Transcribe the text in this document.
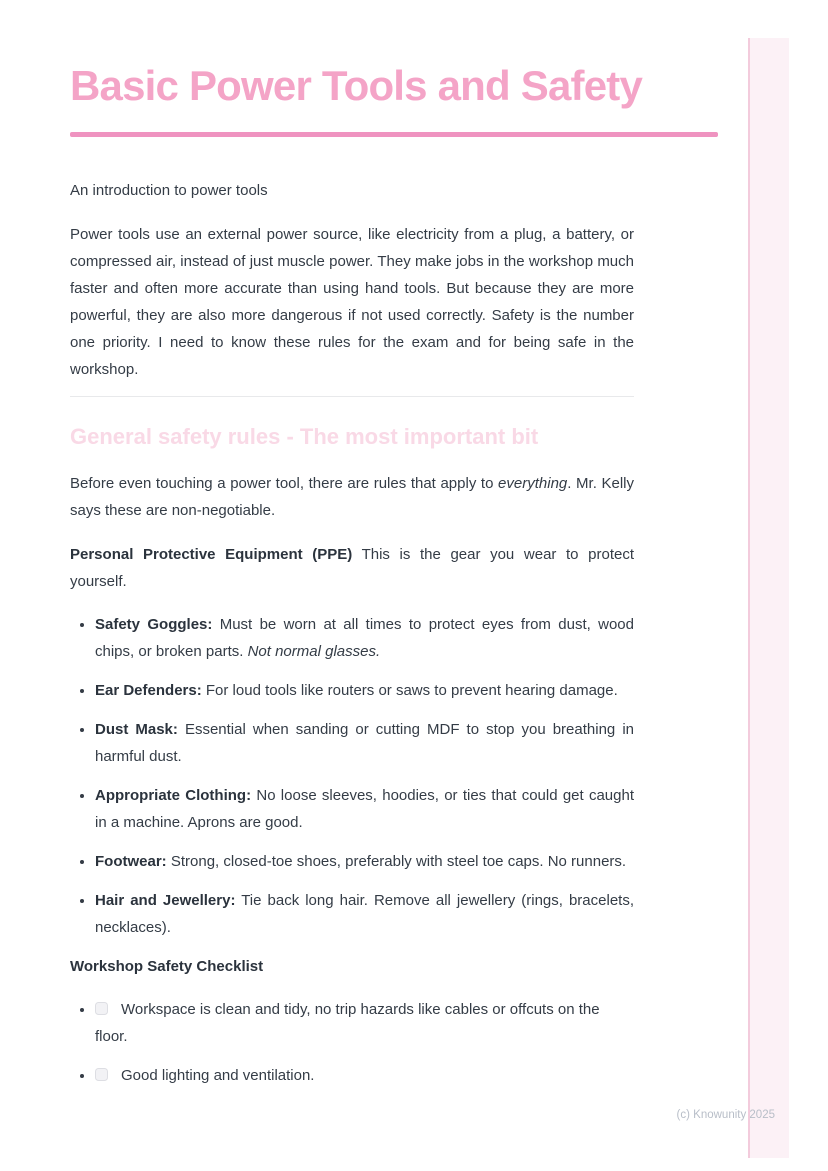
Basic Power Tools and Safety

An introduction to power tools

Power tools use an external power source, like electricity from a plug, a battery, or compressed air, instead of just muscle power. They make jobs in the workshop much faster and often more accurate than using hand tools. But because they are more powerful, they are also more dangerous if not used correctly. Safety is the number one priority. I need to know these rules for the exam and for being safe in the workshop.

General safety rules - The most important bit

Before even touching a power tool, there are rules that apply to everything. Mr. Kelly says these are non-negotiable.

Personal Protective Equipment (PPE) This is the gear you wear to protect yourself.

• Safety Goggles: Must be worn at all times to protect eyes from dust, wood chips, or broken parts. Not normal glasses.
• Ear Defenders: For loud tools like routers or saws to prevent hearing damage.
• Dust Mask: Essential when sanding or cutting MDF to stop you breathing in harmful dust.
• Appropriate Clothing: No loose sleeves, hoodies, or ties that could get caught in a machine. Aprons are good.
• Footwear: Strong, closed-toe shoes, preferably with steel toe caps. No runners.
• Hair and Jewellery: Tie back long hair. Remove all jewellery (rings, bracelets, necklaces).
Workshop Safety Checklist
• Workspace is clean and tidy, no trip hazards like cables or offcuts on the floor.
• Good lighting and ventilation.
(c) Knowunity 2025
